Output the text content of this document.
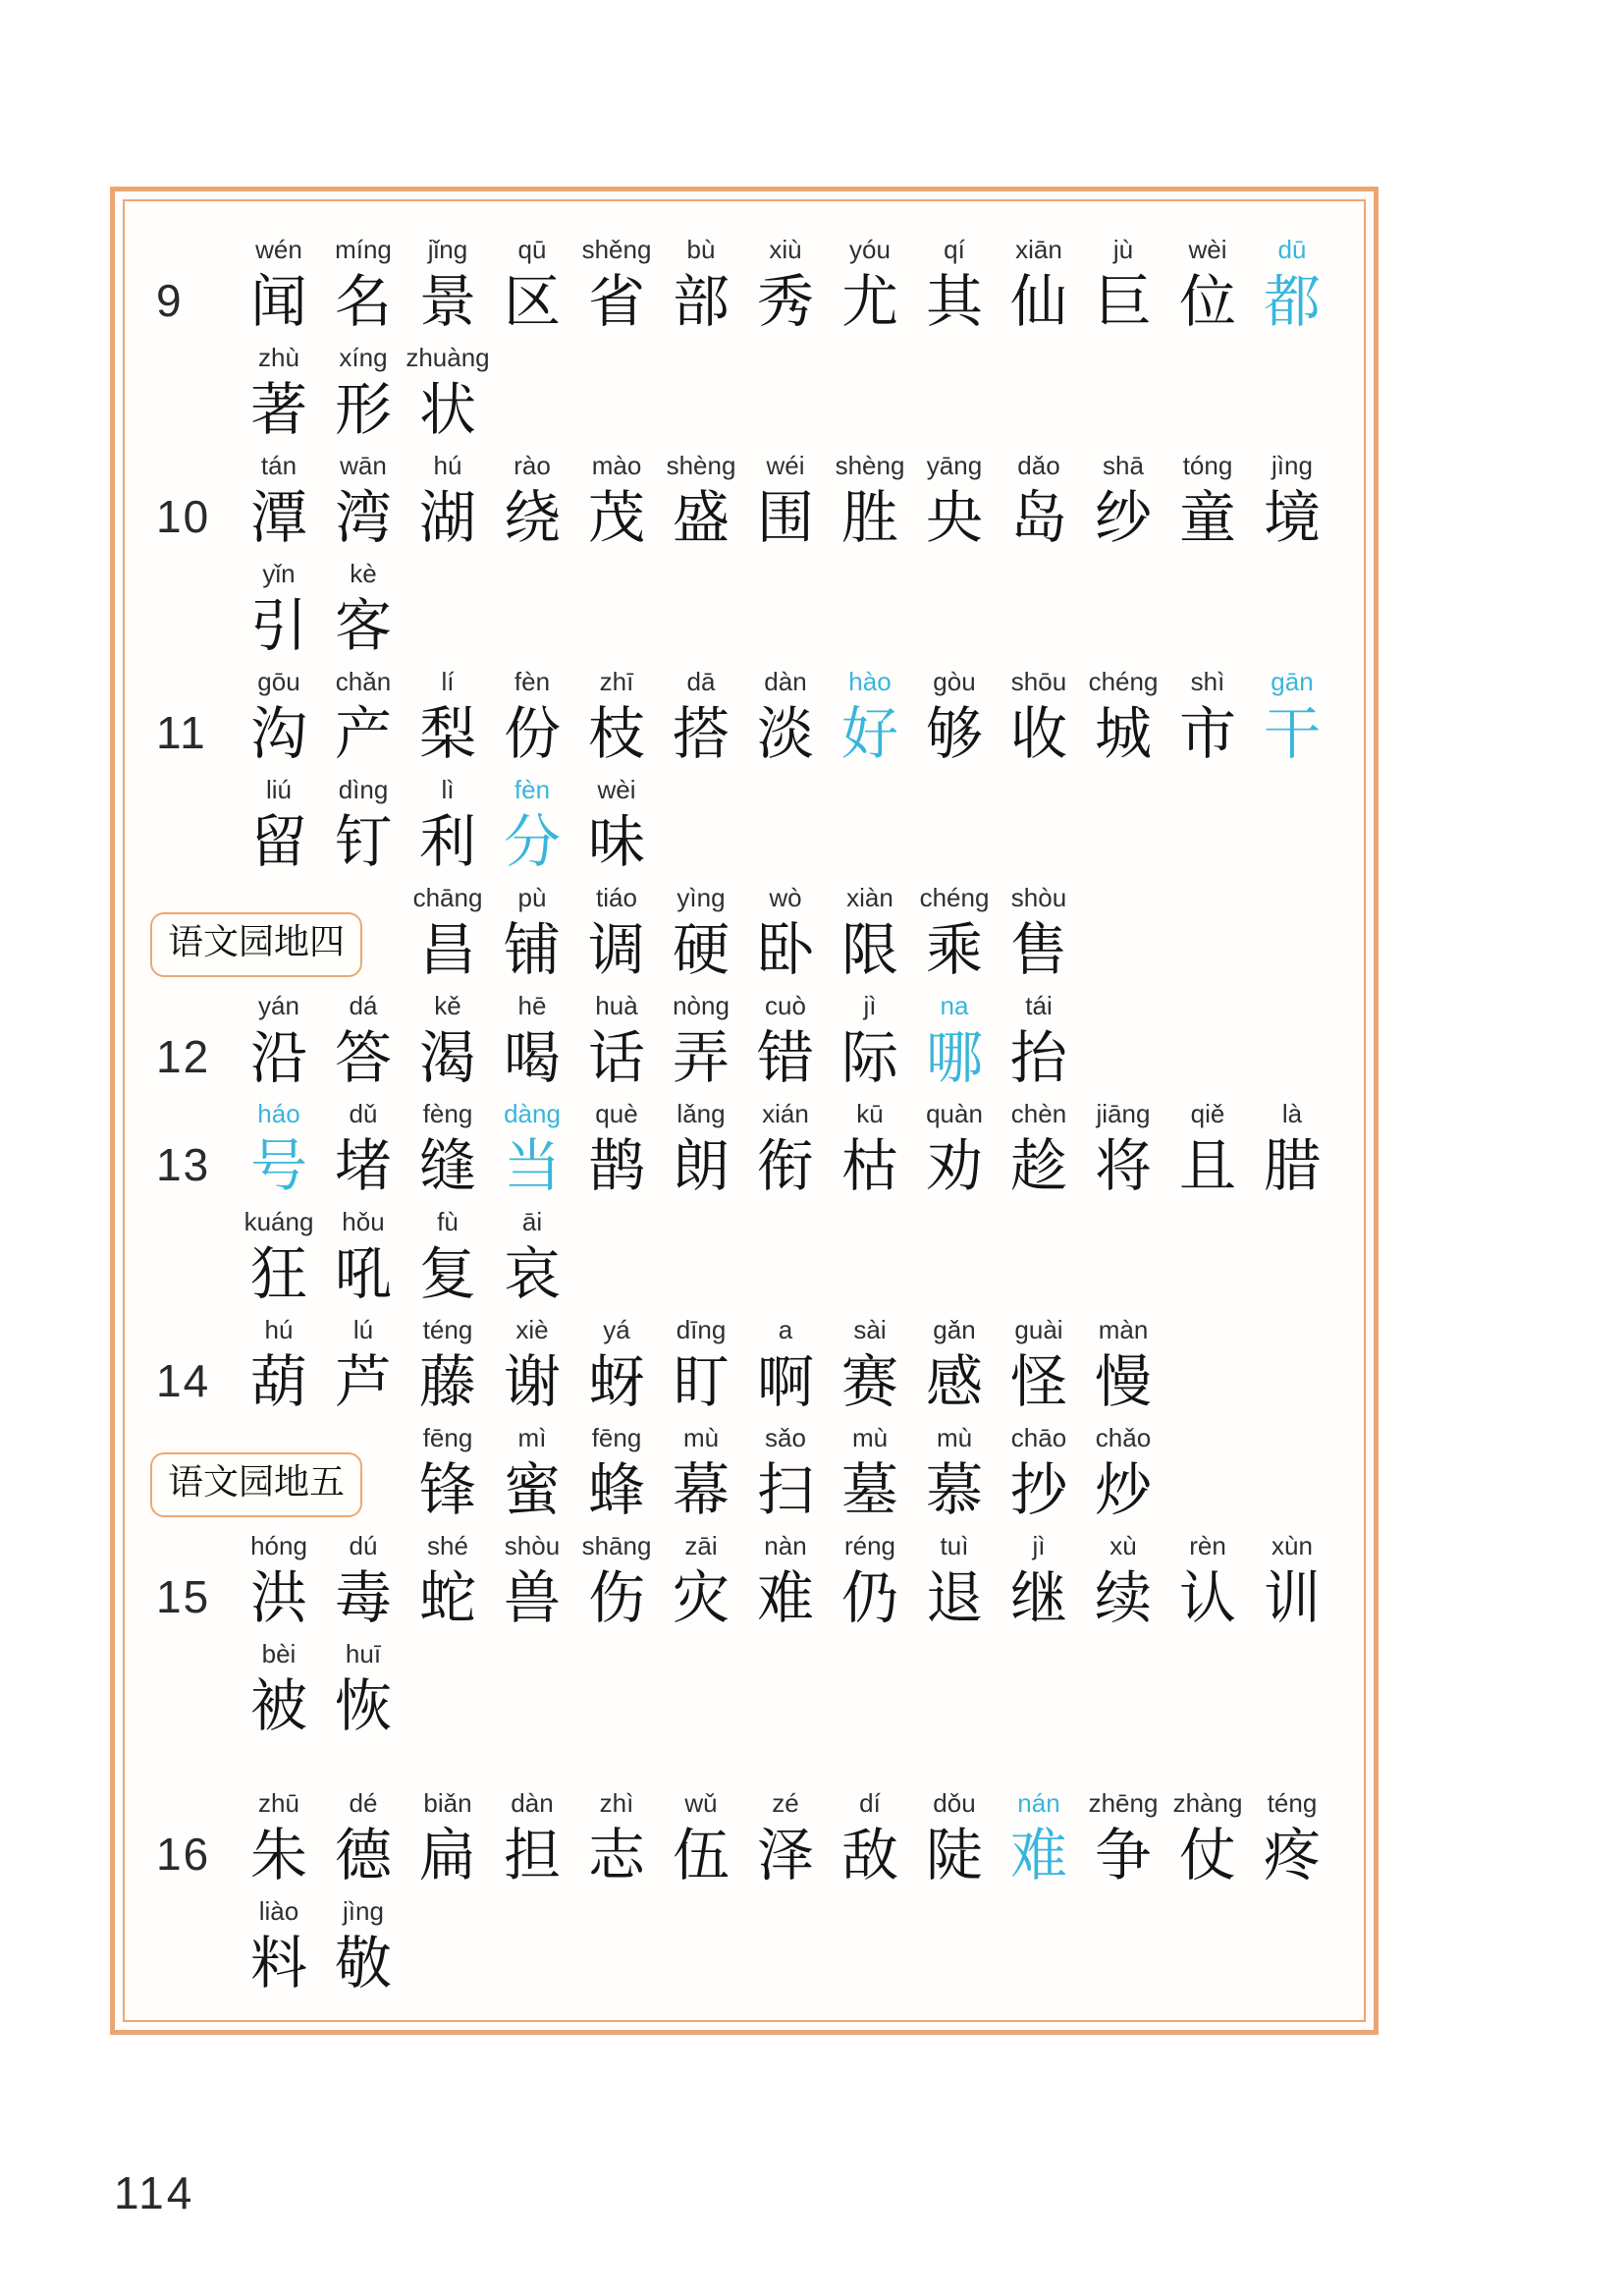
9
wén
闻
míng
名
jǐng
景
qū
区
shěng
省
bù
部
xiù
秀
yóu
尤
qí
其
xiān
仙
jù
巨
wèi
位
dū
都
zhù
著
xíng
形
zhuàng
状
10
tán
潭
wān
湾
hú
湖
rào
绕
mào
茂
shèng
盛
wéi
围
shèng
胜
yāng
央
dǎo
岛
shā
纱
tóng
童
jìng
境
yǐn
引
kè
客
11
gōu
沟
chǎn
产
lí
梨
fèn
份
zhī
枝
dā
搭
dàn
淡
hào
好
gòu
够
shōu
收
chéng
城
shì
市
gān
干
liú
留
dìng
钉
lì
利
fèn
分
wèi
味
语文园地四
chāng
昌
pù
铺
tiáo
调
yìng
硬
wò
卧
xiàn
限
chéng
乘
shòu
售
12
yán
沿
dá
答
kě
渴
hē
喝
huà
话
nòng
弄
cuò
错
jì
际
na
哪
tái
抬
13
háo
号
dǔ
堵
fèng
缝
dàng
当
què
鹊
lǎng
朗
xián
衔
kū
枯
quàn
劝
chèn
趁
jiāng
将
qiě
且
là
腊
kuáng
狂
hǒu
吼
fù
复
āi
哀
14
hú
葫
lú
芦
téng
藤
xiè
谢
yá
蚜
dīng
盯
a
啊
sài
赛
gǎn
感
guài
怪
màn
慢
语文园地五
fēng
锋
mì
蜜
fēng
蜂
mù
幕
sǎo
扫
mù
墓
mù
慕
chāo
抄
chǎo
炒
15
hóng
洪
dú
毒
shé
蛇
shòu
兽
shāng
伤
zāi
灾
nàn
难
réng
仍
tuì
退
jì
继
xù
续
rèn
认
xùn
训
bèi
被
huī
恢
16
zhū
朱
dé
德
biǎn
扁
dàn
担
zhì
志
wǔ
伍
zé
泽
dí
敌
dǒu
陡
nán
难
zhēng
争
zhàng
仗
téng
疼
liào
料
jìng
敬
114
